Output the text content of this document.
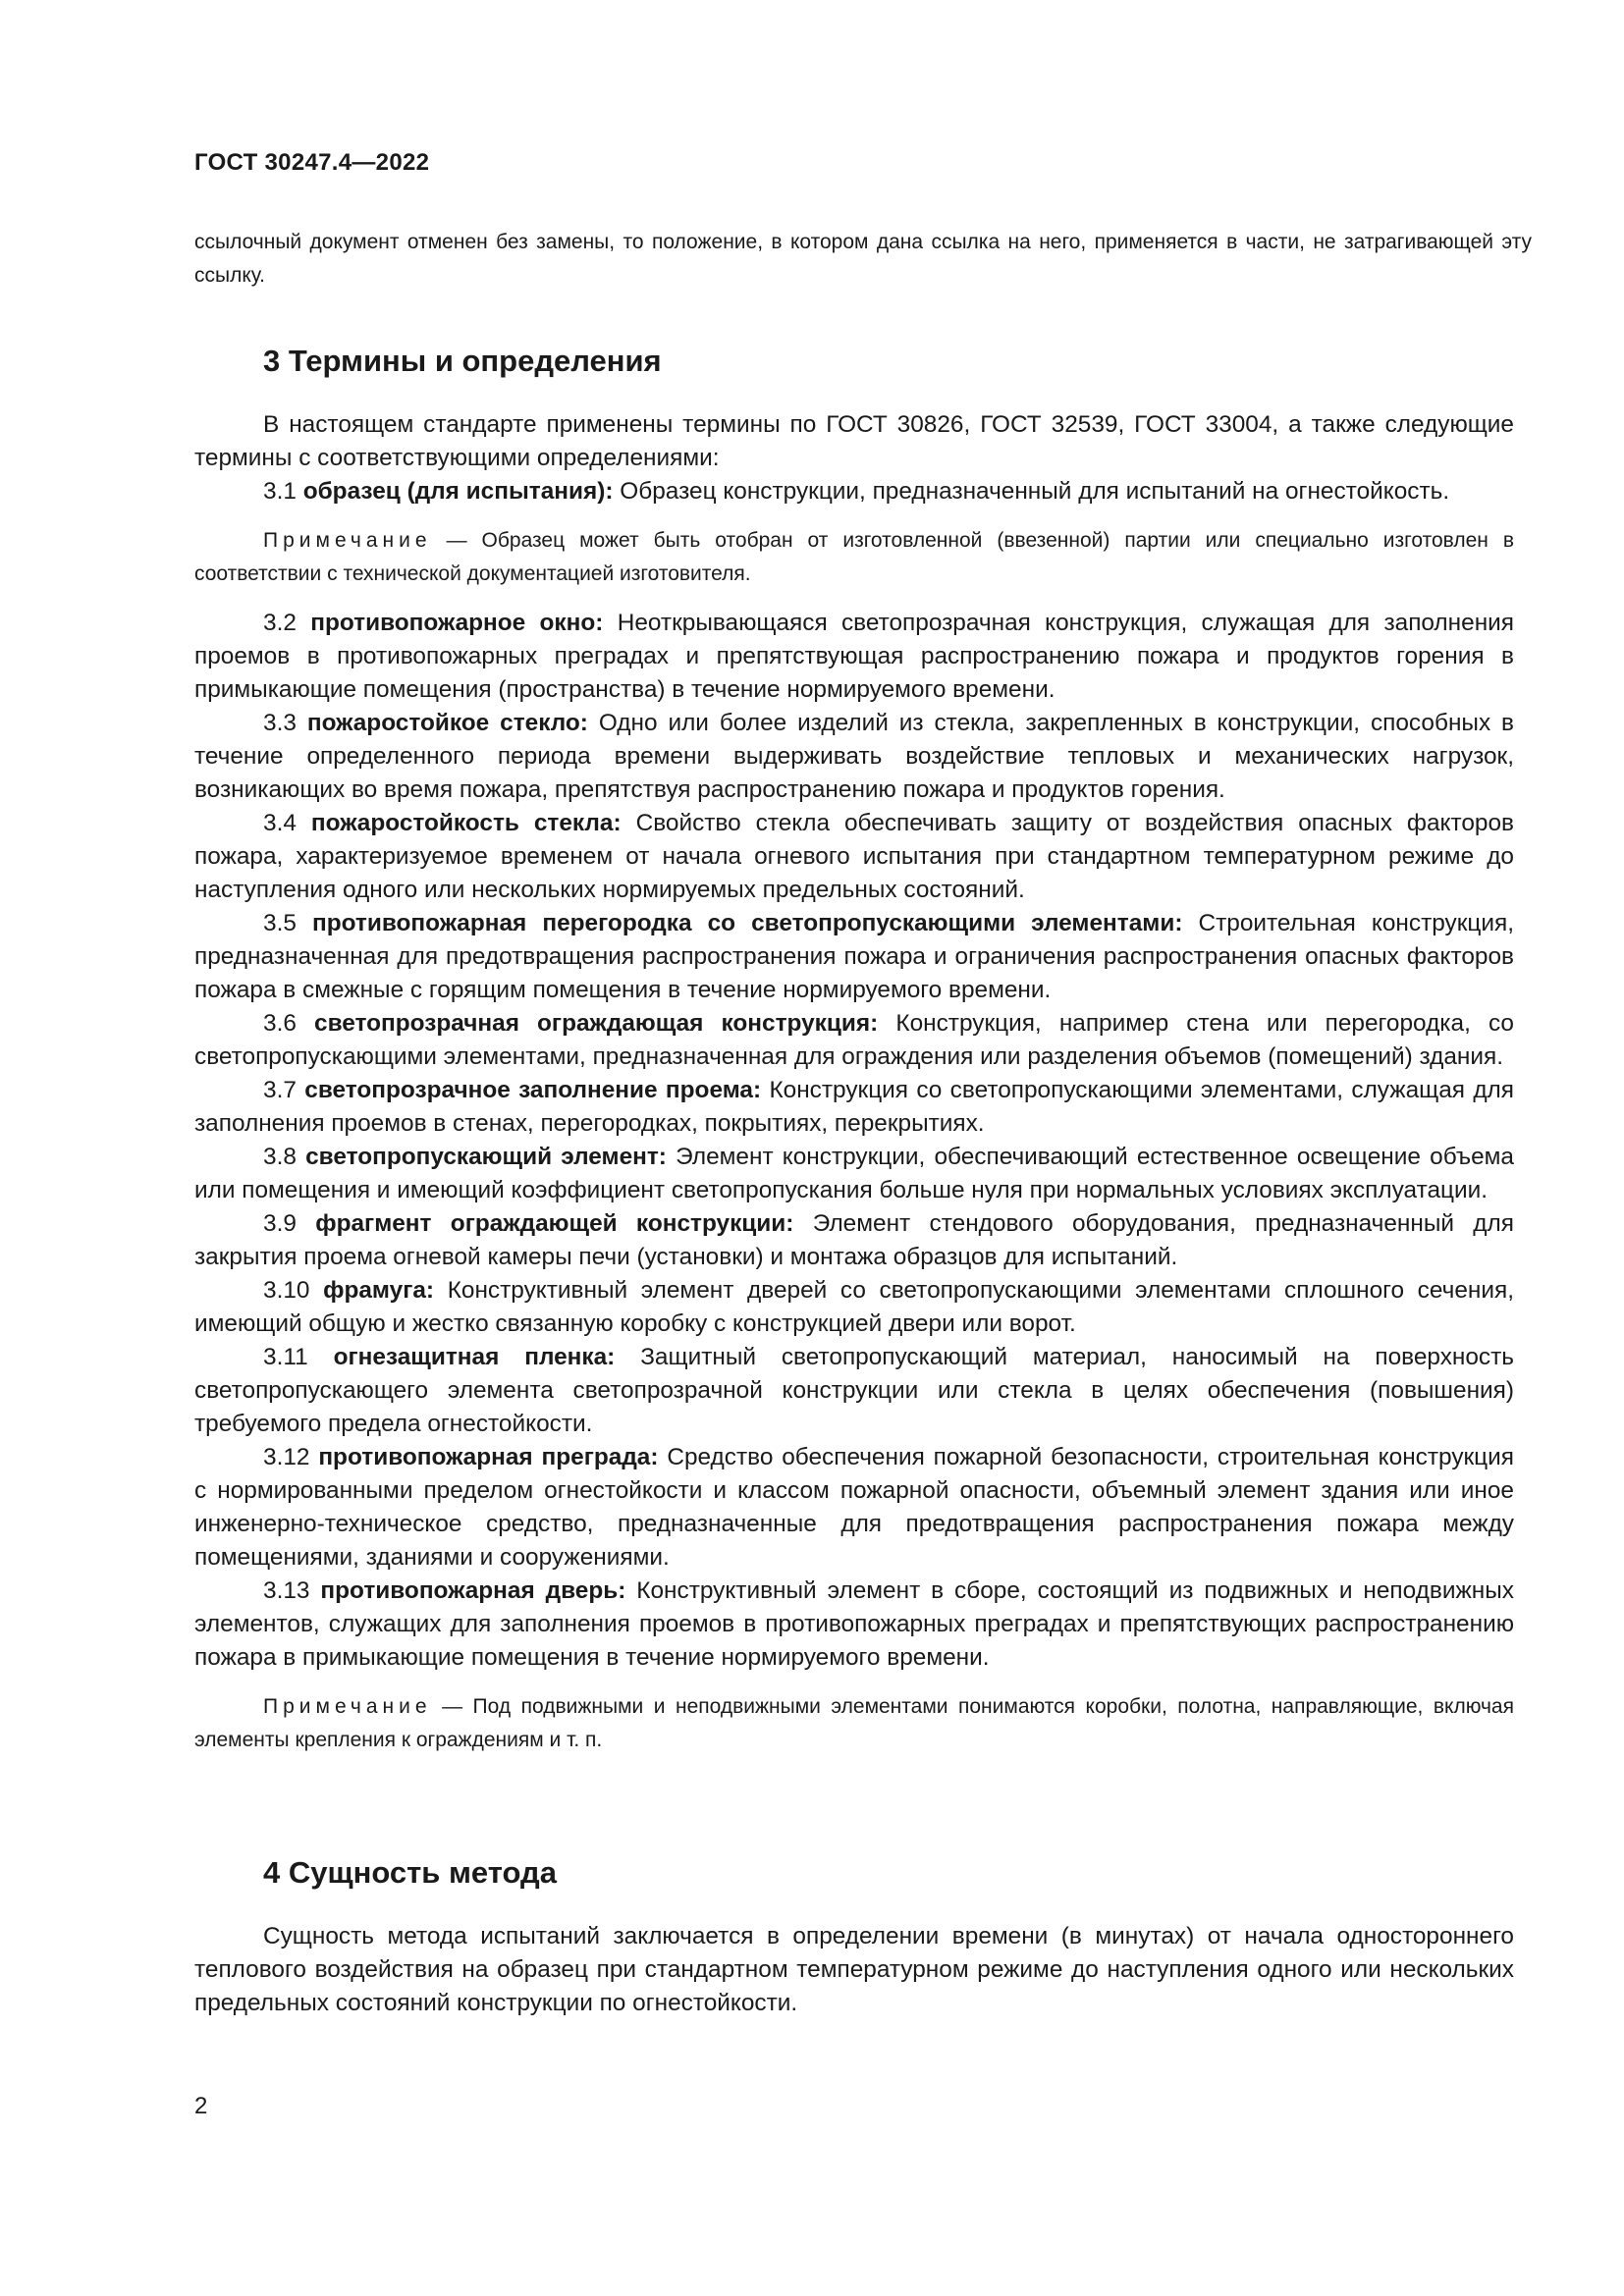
ГОСТ 30247.4—2022
ссылочный документ отменен без замены, то положение, в котором дана ссылка на него, применяется в части, не затрагивающей эту ссылку.
3 Термины и определения

В настоящем стандарте применены термины по ГОСТ 30826, ГОСТ 32539, ГОСТ 33004, а также следующие термины с соответствующими определениями:

3.1 образец (для испытания): Образец конструкции, предназначенный для испытаний на огнестойкость.

Примечание — Образец может быть отобран от изготовленной (ввезенной) партии или специально изготовлен в соответствии с технической документацией изготовителя.

3.2 противопожарное окно: Неоткрывающаяся светопрозрачная конструкция, служащая для заполнения проемов в противопожарных преградах и препятствующая распространению пожара и продуктов горения в примыкающие помещения (пространства) в течение нормируемого времени.

3.3 пожаростойкое стекло: Одно или более изделий из стекла, закрепленных в конструкции, способных в течение определенного периода времени выдерживать воздействие тепловых и механических нагрузок, возникающих во время пожара, препятствуя распространению пожара и продуктов горения.

3.4 пожаростойкость стекла: Свойство стекла обеспечивать защиту от воздействия опасных факторов пожара, характеризуемое временем от начала огневого испытания при стандартном температурном режиме до наступления одного или нескольких нормируемых предельных состояний.

3.5 противопожарная перегородка со светопропускающими элементами: Строительная конструкция, предназначенная для предотвращения распространения пожара и ограничения распространения опасных факторов пожара в смежные с горящим помещения в течение нормируемого времени.

3.6 светопрозрачная ограждающая конструкция: Конструкция, например стена или перегородка, со светопропускающими элементами, предназначенная для ограждения или разделения объемов (помещений) здания.

3.7 светопрозрачное заполнение проема: Конструкция со светопропускающими элементами, служащая для заполнения проемов в стенах, перегородках, покрытиях, перекрытиях.

3.8 светопропускающий элемент: Элемент конструкции, обеспечивающий естественное освещение объема или помещения и имеющий коэффициент светопропускания больше нуля при нормальных условиях эксплуатации.

3.9 фрагмент ограждающей конструкции: Элемент стендового оборудования, предназначенный для закрытия проема огневой камеры печи (установки) и монтажа образцов для испытаний.

3.10 фрамуга: Конструктивный элемент дверей со светопропускающими элементами сплошного сечения, имеющий общую и жестко связанную коробку с конструкцией двери или ворот.

3.11 огнезащитная пленка: Защитный светопропускающий материал, наносимый на поверхность светопропускающего элемента светопрозрачной конструкции или стекла в целях обеспечения (повышения) требуемого предела огнестойкости.

3.12 противопожарная преграда: Средство обеспечения пожарной безопасности, строительная конструкция с нормированными пределом огнестойкости и классом пожарной опасности, объемный элемент здания или иное инженерно-техническое средство, предназначенные для предотвращения распространения пожара между помещениями, зданиями и сооружениями.

3.13 противопожарная дверь: Конструктивный элемент в сборе, состоящий из подвижных и неподвижных элементов, служащих для заполнения проемов в противопожарных преградах и препятствующих распространению пожара в примыкающие помещения в течение нормируемого времени.

Примечание — Под подвижными и неподвижными элементами понимаются коробки, полотна, направляющие, включая элементы крепления к ограждениям и т. п.

4 Сущность метода

Сущность метода испытаний заключается в определении времени (в минутах) от начала одностороннего теплового воздействия на образец при стандартном температурном режиме до наступления одного или нескольких предельных состояний конструкции по огнестойкости.

2
